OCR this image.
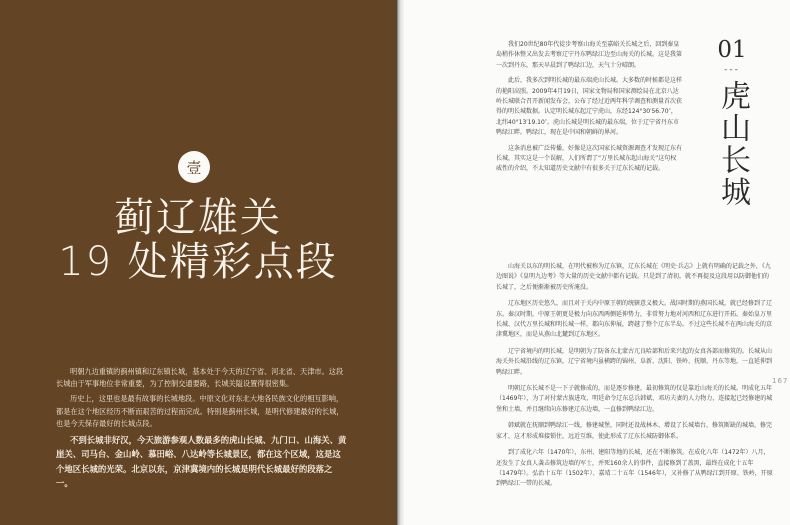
壹
蓟辽雄关
19 处精彩点段

明朝九边重镇的蓟州镇和辽东镇长城，基本处于今天的辽宁省、河北省、天津市。这段长城由于军事地位非常重要，为了控制交通要路，长城关隘设置得很密集。

历史上，这里也是最有故事的长城地段。中原文化对东北大地各民族文化的相互影响，都是在这个地区经历不断而艰苦的过程而完成。特别是蓟州长城，是明代修建最好的长城，也是今天保存最好的长城点段。

不到长城非好汉，今天旅游参观人数最多的虎山长城、九门口、山海关、黄崖关、司马台、金山岭、慕田峪、八达岭等长城景区，都在这个区域，这是这个地区长城的光荣。北京以东，京津冀境内的长城是明代长城最好的段落之一。

01
---
虎山长城

我们20世纪80年代徒步考察山海关至嘉峪关长城之后，回到秦皇岛稍作休整又出发去考察辽宁丹东鸭绿江边至山海关的长城。这是我第一次到丹东，那天早晨到了鸭绿江边，天气十分晴朗。

此后，我多次到明长城的最东端虎山长城。大多数的时候都是这样的艳阳高照。2009年4月19日，国家文物局和国家测绘局在北京八达岭长城联合召开新闻发布会，公布了经过近两年科学调查和测量首次获得的明长城数据。认定明长城东起辽宁虎山，东经124°30′56.70″，北纬40°13′19.10″。虎山长城是明长城的最东端，位于辽宁省丹东市鸭绿江畔。鸭绿江，现在是中国和朝鲜的界河。

这条消息被广泛传播，好像是这次国家长城资源调查才发现辽东有长城，其实这是一个误解，人们所谓了“万里长城东起山海关”这句权威性的介绍，不太知道历史文献中有很多关于辽东长城的记载。

山海关以东的明长城，在明代被称为辽东镇，辽东长城在《明史·兵志》上就有明确的记载之外，《九边图说》《皇明九边考》等大量的历史文献中都有记载。只是到了清初，就不再提及这段用以防御他们的长城了，之后便渐渐被历史所淹没。

辽东地区历史悠久，而且对于关内中原王朝的统辖意义极大。战国时期的燕国长城，就已经修到了辽东。秦汉时期，中原王朝更是极力向东西两侧延伸势力，非常努力地对河西和辽东进行开拓。秦始皇万里长城、汉代万里长城和明长城一样，都向东伸展，跨越了整个辽东半岛。不过这些长城不在两山海关的京津冀地区，而是从燕山北麓到辽东地区。

辽宁省境内的明长城，是明朝为了防备东北蒙古兀良哈部和后来兴起的女真各部而修筑的。长城从山海关外长城沿线的辽东镇，辽宁省境内虽横跨的锦州、阜新、沈阳、铁岭、抚顺、丹东等地，一直延伸到鸭绿江畔。

明朝辽东长城不是一下子就修成的，而是逐步修建，最初修筑的仅是靠近山海关的长城。明成化五年（1469年），为了对付蒙古族进攻，明廷命令辽东总兵韩斌、邓坊夫妻的人力物力，连接起已经修建的城堡和土墙，并且继续向东修建辽东边墙，一直修到鸭绿江边。

韩斌就在抚顺到鸭绿江一线，修建城堡，同时还设战林木、增设了长城墙台，修筑断缺的城墙，修完家才，这才形成堆接锁住，远近互维，使此形成了辽东长城防御体系。

到了成化六年（1470年），东州、建阳等地的长城，还在不断修筑。在成化八年（1472年）八月，还发生了女真人袭击修筑边墙的军士，并死160余人的事件，直接修到了盖黑，最终在成化十五年（1479年）。弘治十五年（1502年）、嘉靖二十五年（1546年），又补修了从鸭绿江到开原、铁岭，开原到鸭绿江一带的长城。

167
